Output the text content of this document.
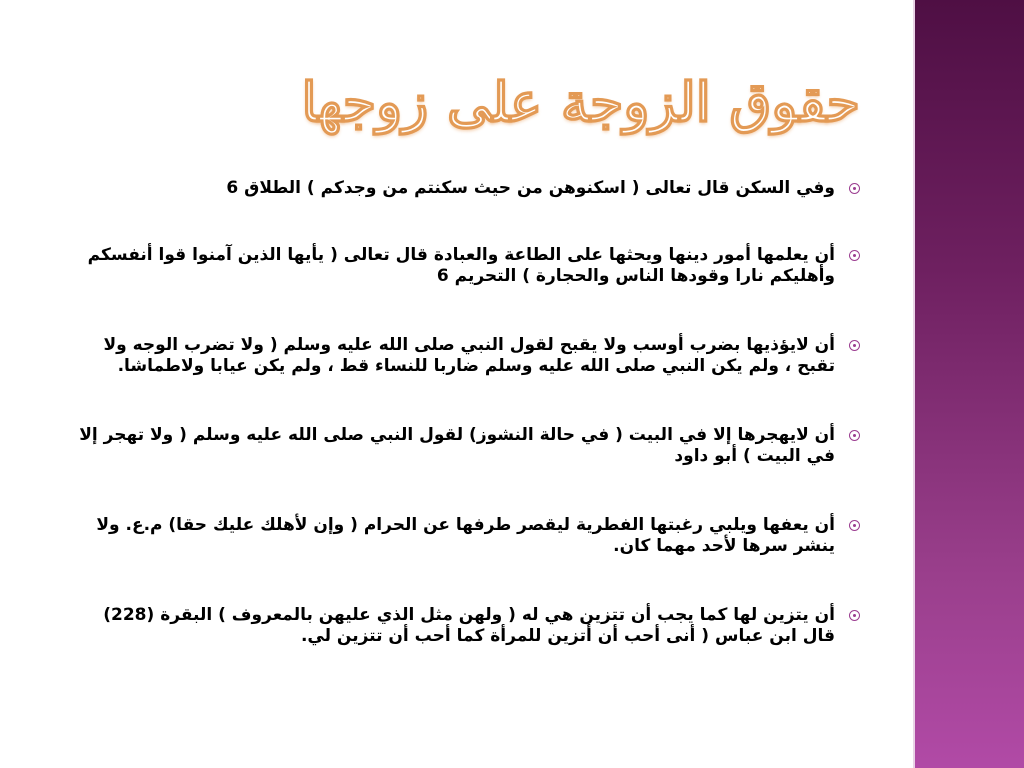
حقوق الزوجة على زوجها
وفي السكن قال تعالى ( اسكنوهن من حيث سكنتم من وجدكم ) الطلاق 6
أن يعلمها أمور دينها ويحثها على الطاعة والعبادة قال تعالى ( يأيها الذين آمنوا قوا أنفسكم وأهليكم نارا وقودها الناس والحجارة ) التحريم 6
أن لايؤذيها بضرب أوسب ولا يقبح لقول النبي صلى الله عليه وسلم ( ولا تضرب الوجه ولا تقبح ، ولم يكن النبي صلى الله عليه وسلم ضاربا للنساء قط ، ولم يكن عيابا ولاطماشا.
أن لايهجرها إلا في البيت ( في حالة النشوز) لقول النبي صلى الله عليه وسلم ( ولا تهجر إلا في البيت ) أبو داود
أن يعفها ويلبي رغبتها الفطرية ليقصر طرفها عن الحرام ( وإن لأهلك عليك حقا) م.ع. ولا ينشر سرها لأحد مهما كان.
أن يتزين لها كما يجب أن تتزين هي له ( ولهن مثل الذي عليهن بالمعروف ) البقرة (228) قال ابن عباس ( أنى أحب أن أتزين للمرأة كما أحب أن تتزين لي.
